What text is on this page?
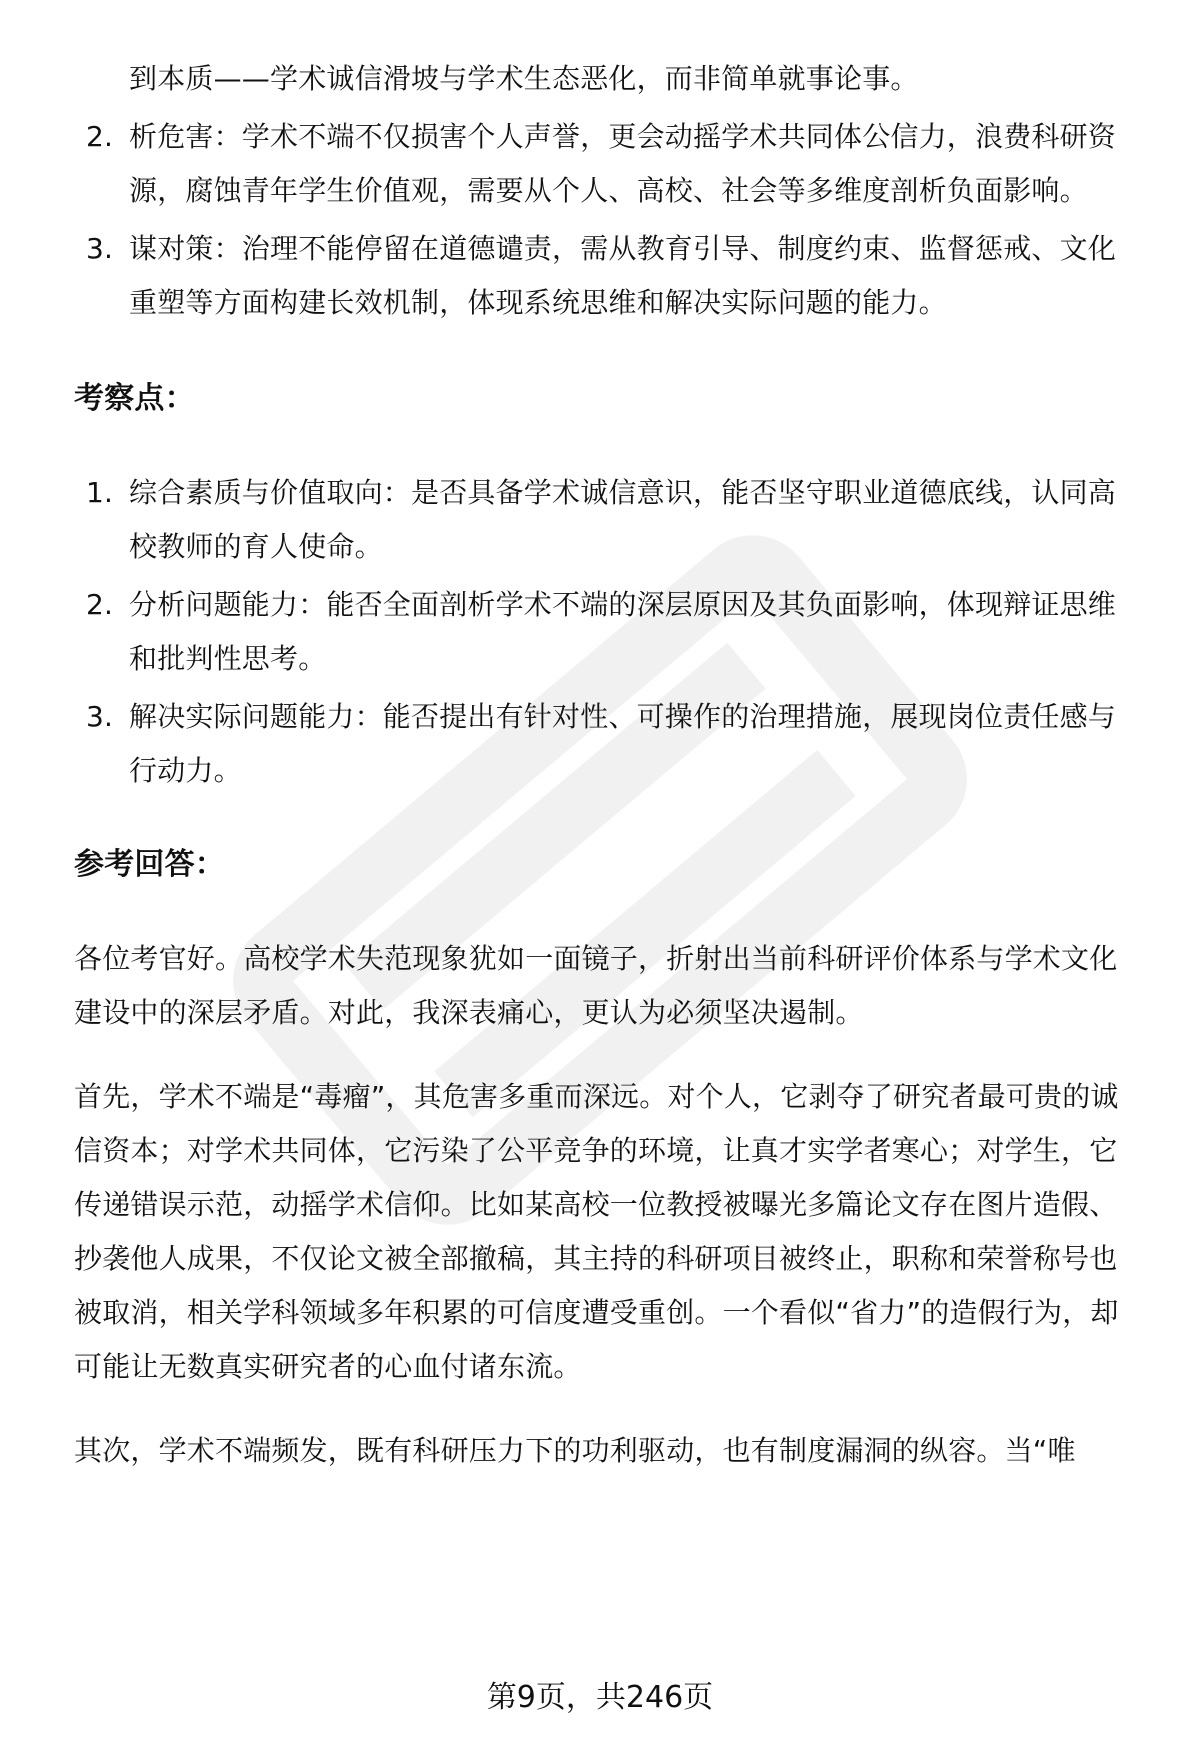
到本质——学术诚信滑坡与学术生态恶化，而非简单就事论事。

2. 析危害：学术不端不仅损害个人声誉，更会动摇学术共同体公信力，浪费科研资源，腐蚀青年学生价值观，需要从个人、高校、社会等多维度剖析负面影响。
3. 谋对策：治理不能停留在道德谴责，需从教育引导、制度约束、监督惩戒、文化重塑等方面构建长效机制，体现系统思维和解决实际问题的能力。
考察点：
1. 综合素质与价值取向：是否具备学术诚信意识，能否坚守职业道德底线，认同高校教师的育人使命。
2. 分析问题能力：能否全面剖析学术不端的深层原因及其负面影响，体现辩证思维和批判性思考。
3. 解决实际问题能力：能否提出有针对性、可操作的治理措施，展现岗位责任感与行动力。
参考回答：

各位考官好。高校学术失范现象犹如一面镜子，折射出当前科研评价体系与学术文化建设中的深层矛盾。对此，我深表痛心，更认为必须坚决遏制。

首先，学术不端是“毒瘤”，其危害多重而深远。对个人，它剥夺了研究者最可贵的诚信资本；对学术共同体，它污染了公平竞争的环境，让真才实学者寒心；对学生，它传递错误示范，动摇学术信仰。比如某高校一位教授被曝光多篇论文存在图片造假、抄袭他人成果，不仅论文被全部撤稿，其主持的科研项目被终止，职称和荣誉称号也被取消，相关学科领域多年积累的可信度遭受重创。一个看似“省力”的造假行为，却可能让无数真实研究者的心血付诸东流。

其次，学术不端频发，既有科研压力下的功利驱动，也有制度漏洞的纵容。当“唯

第9页，共246页
